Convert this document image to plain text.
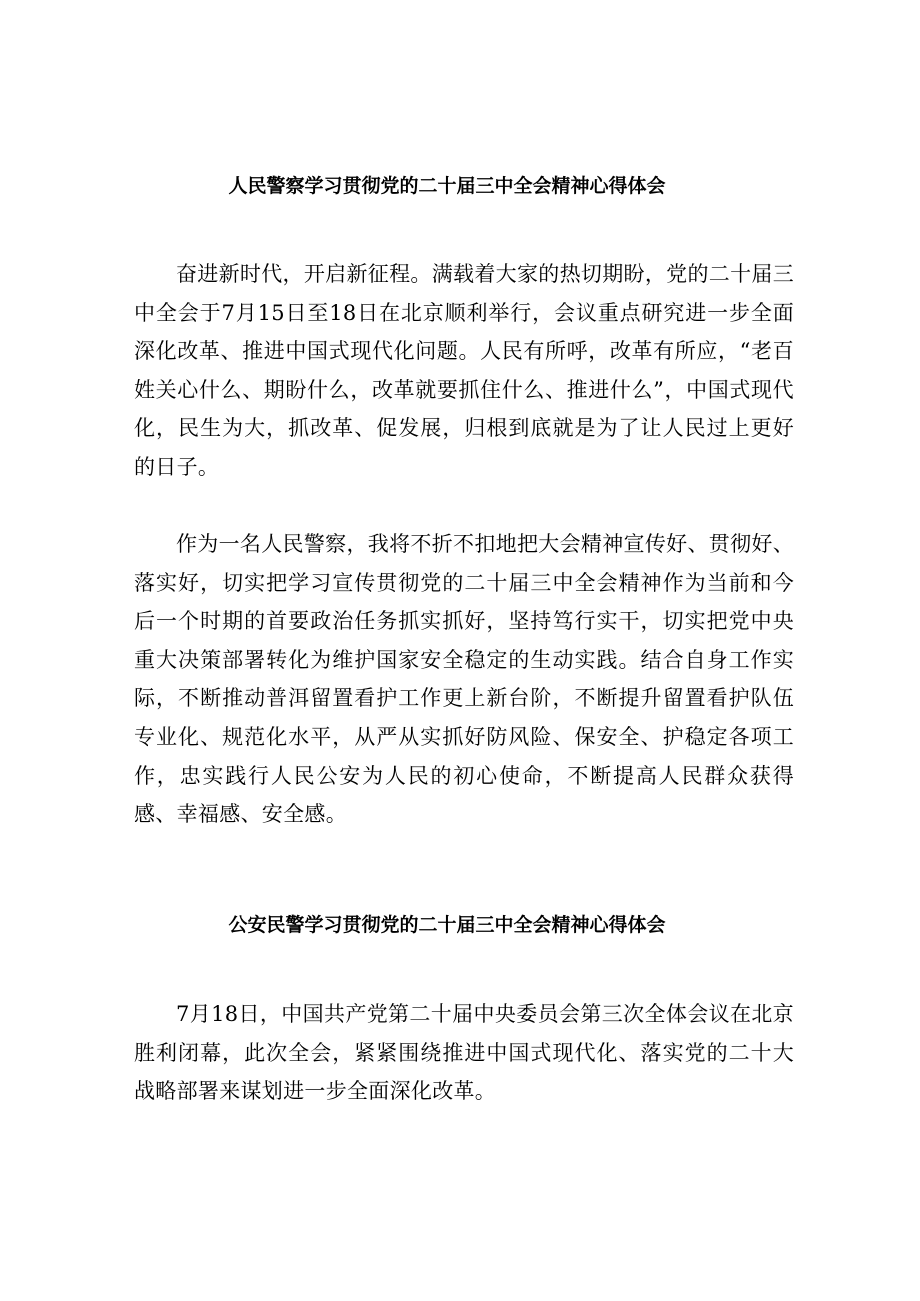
人民警察学习贯彻党的二十届三中全会精神心得体会

奋进新时代，开启新征程。满载着大家的热切期盼，党的二十届三中全会于7月15日至18日在北京顺利举行，会议重点研究进一步全面深化改革、推进中国式现代化问题。人民有所呼，改革有所应，“老百姓关心什么、期盼什么，改革就要抓住什么、推进什么”，中国式现代化，民生为大，抓改革、促发展，归根到底就是为了让人民过上更好的日子。

作为一名人民警察，我将不折不扣地把大会精神宣传好、贯彻好、落实好，切实把学习宣传贯彻党的二十届三中全会精神作为当前和今后一个时期的首要政治任务抓实抓好，坚持笃行实干，切实把党中央重大决策部署转化为维护国家安全稳定的生动实践。结合自身工作实际，不断推动普洱留置看护工作更上新台阶，不断提升留置看护队伍专业化、规范化水平，从严从实抓好防风险、保安全、护稳定各项工作，忠实践行人民公安为人民的初心使命，不断提高人民群众获得感、幸福感、安全感。

公安民警学习贯彻党的二十届三中全会精神心得体会

7月18日，中国共产党第二十届中央委员会第三次全体会议在北京胜利闭幕，此次全会，紧紧围绕推进中国式现代化、落实党的二十大战略部署来谋划进一步全面深化改革。
